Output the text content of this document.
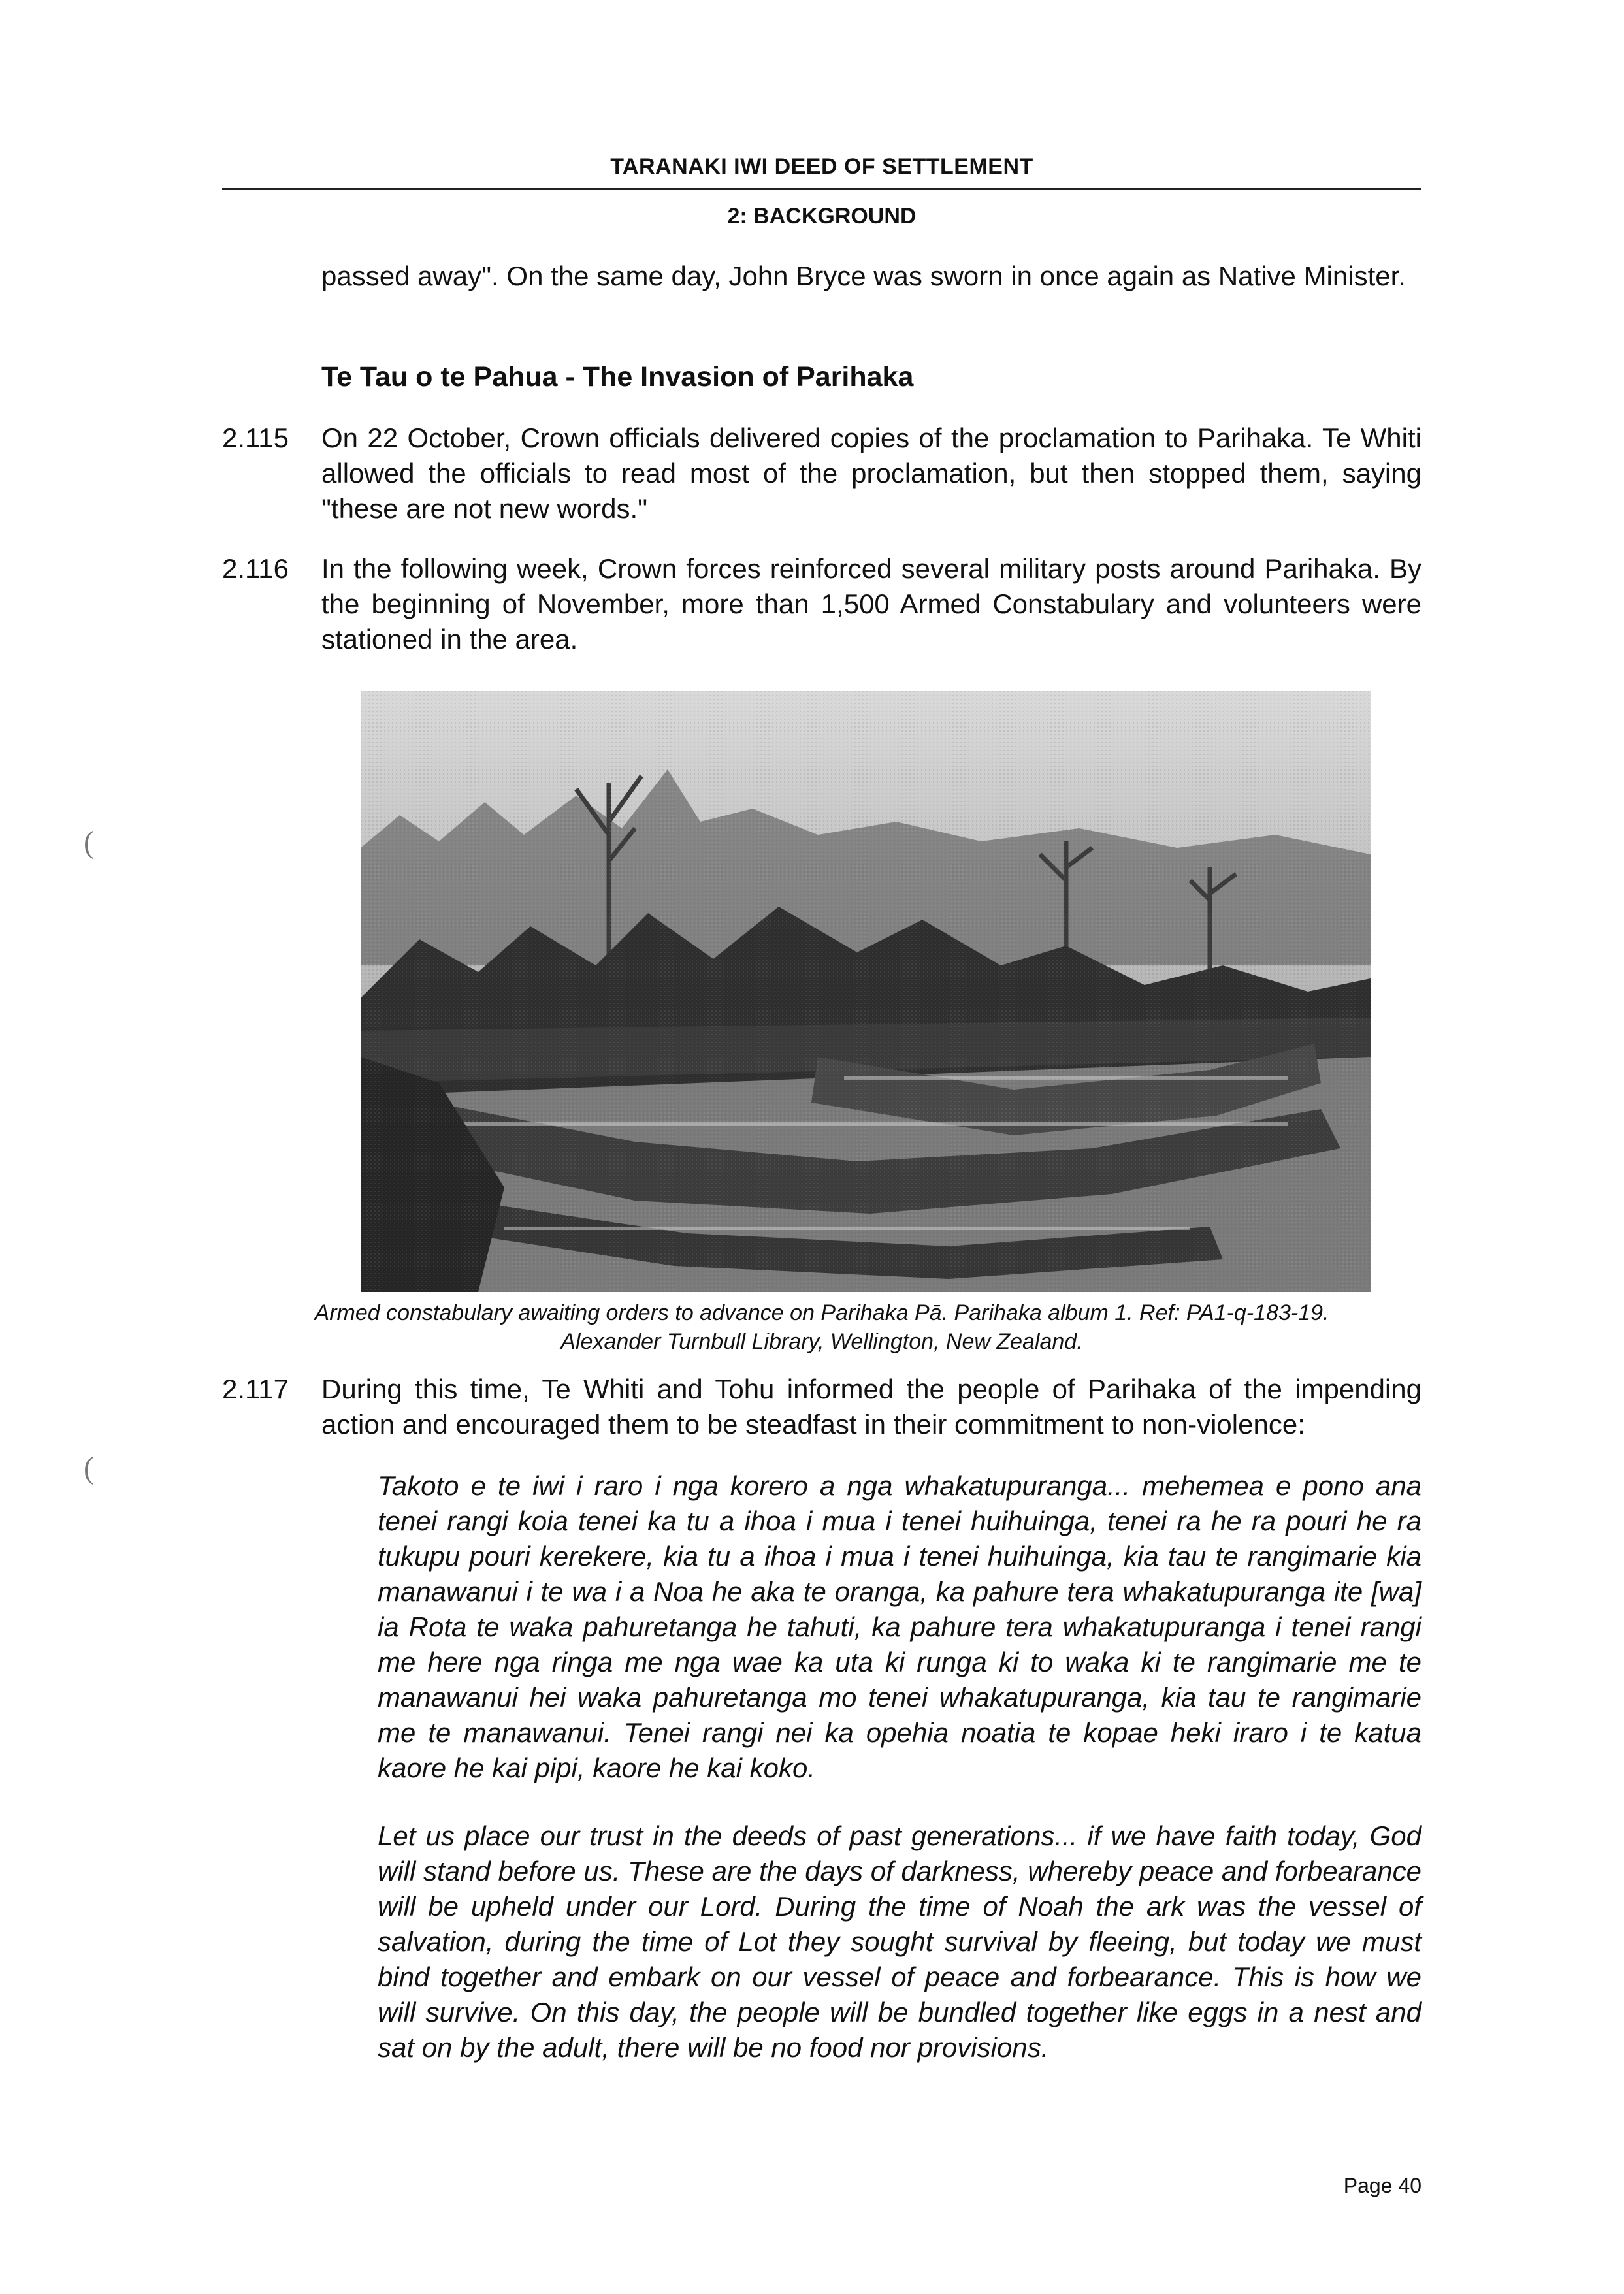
TARANAKI IWI DEED OF SETTLEMENT
2: BACKGROUND
passed away". On the same day, John Bryce was sworn in once again as Native Minister.
Te Tau o te Pahua - The Invasion of Parihaka
2.115 On 22 October, Crown officials delivered copies of the proclamation to Parihaka. Te Whiti allowed the officials to read most of the proclamation, but then stopped them, saying "these are not new words."
2.116 In the following week, Crown forces reinforced several military posts around Parihaka. By the beginning of November, more than 1,500 Armed Constabulary and volunteers were stationed in the area.
Armed constabulary awaiting orders to advance on Parihaka Pā. Parihaka album 1. Ref: PA1-q-183-19.
Alexander Turnbull Library, Wellington, New Zealand.
2.117 During this time, Te Whiti and Tohu informed the people of Parihaka of the impending action and encouraged them to be steadfast in their commitment to non-violence:
Takoto e te iwi i raro i nga korero a nga whakatupuranga... mehemea e pono ana tenei rangi koia tenei ka tu a ihoa i mua i tenei huihuinga, tenei ra he ra pouri he ra tukupu pouri kerekere, kia tu a ihoa i mua i tenei huihuinga, kia tau te rangimarie kia manawanui i te wa i a Noa he aka te oranga, ka pahure tera whakatupuranga ite [wa] ia Rota te waka pahuretanga he tahuti, ka pahure tera whakatupuranga i tenei rangi me here nga ringa me nga wae ka uta ki runga ki to waka ki te rangimarie me te manawanui hei waka pahuretanga mo tenei whakatupuranga, kia tau te rangimarie me te manawanui. Tenei rangi nei ka opehia noatia te kopae heki iraro i te katua kaore he kai pipi, kaore he kai koko.
Let us place our trust in the deeds of past generations... if we have faith today, God will stand before us. These are the days of darkness, whereby peace and forbearance will be upheld under our Lord. During the time of Noah the ark was the vessel of salvation, during the time of Lot they sought survival by fleeing, but today we must bind together and embark on our vessel of peace and forbearance. This is how we will survive. On this day, the people will be bundled together like eggs in a nest and sat on by the adult, there will be no food nor provisions.
Page 40
(
(
